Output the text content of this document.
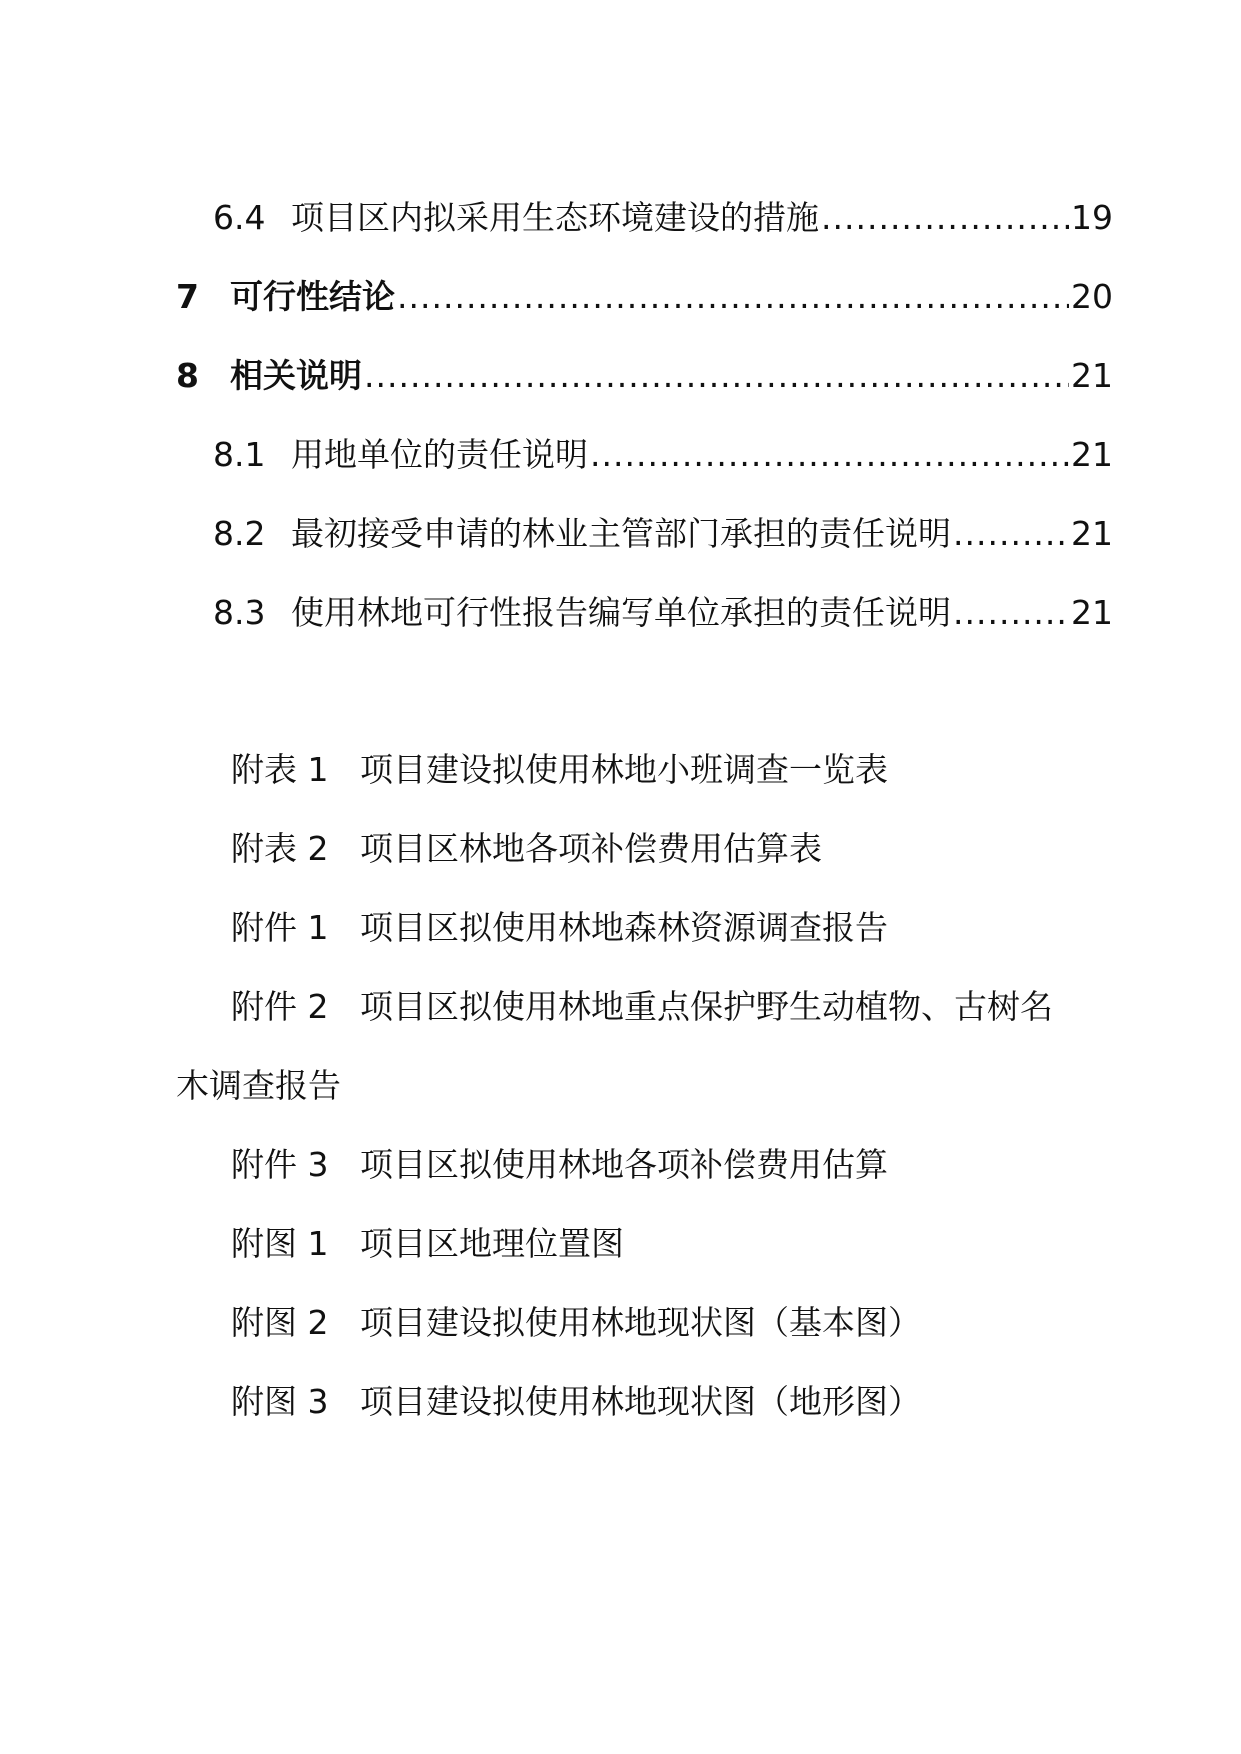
6.4 项目区内拟采用生态环境建设的措施 .....	19
7 可行性结论 .....	20
8 相关说明 .....	21
8.1 用地单位的责任说明 .....	21
8.2 最初接受申请的林业主管部门承担的责任说明 .....	21
8.3 使用林地可行性报告编写单位承担的责任说明 .....	21
附表 1 项目建设拟使用林地小班调查一览表
附表 2 项目区林地各项补偿费用估算表
附件 1 项目区拟使用林地森林资源调查报告
附件 2 项目区拟使用林地重点保护野生动植物、古树名
木调查报告
附件 3 项目区拟使用林地各项补偿费用估算
附图 1 项目区地理位置图
附图 2 项目建设拟使用林地现状图（基本图）
附图 3 项目建设拟使用林地现状图（地形图）
